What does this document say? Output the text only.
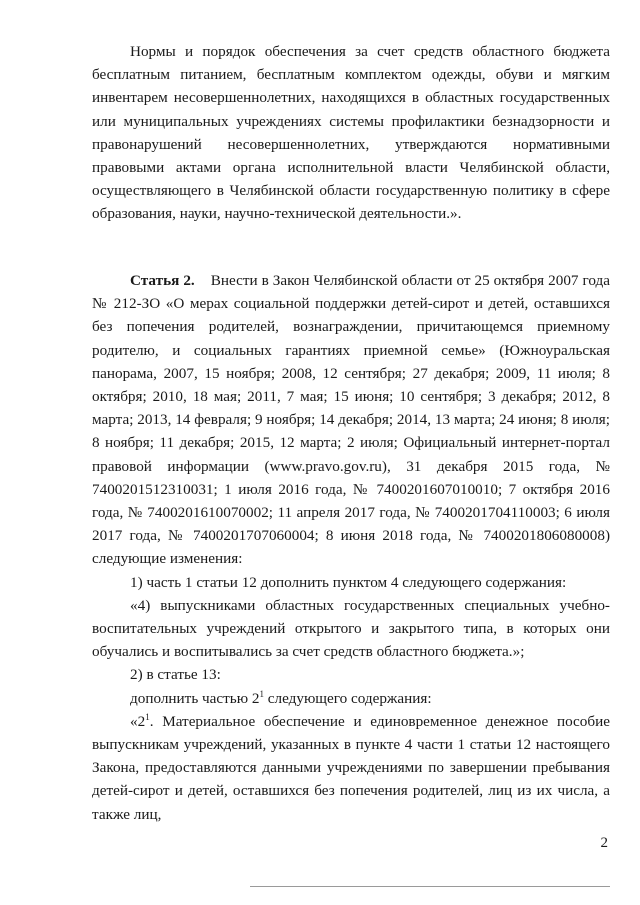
Нормы и порядок обеспечения за счет средств областного бюджета бесплатным питанием, бесплатным комплектом одежды, обуви и мягким инвентарем несовершеннолетних, находящихся в областных государственных или муниципальных учреждениях системы профилактики безнадзорности и правонарушений несовершеннолетних, утверждаются нормативными правовыми актами органа исполнительной власти Челябинской области, осуществляющего в Челябинской области государственную политику в сфере образования, науки, научно-технической деятельности.».

Статья 2. Внести в Закон Челябинской области от 25 октября 2007 года № 212-ЗО «О мерах социальной поддержки детей-сирот и детей, оставшихся без попечения родителей, вознаграждении, причитающемся приемному родителю, и социальных гарантиях приемной семье» (Южноуральская панорама, 2007, 15 ноября; 2008, 12 сентября; 27 декабря; 2009, 11 июля; 8 октября; 2010, 18 мая; 2011, 7 мая; 15 июня; 10 сентября; 3 декабря; 2012, 8 марта; 2013, 14 февраля; 9 ноября; 14 декабря; 2014, 13 марта; 24 июня; 8 июля; 8 ноября; 11 декабря; 2015, 12 марта; 2 июля; Официальный интернет-портал правовой информации (www.pravo.gov.ru), 31 декабря 2015 года, № 7400201512310031; 1 июля 2016 года, № 7400201607010010; 7 октября 2016 года, № 7400201610070002; 11 апреля 2017 года, № 7400201704110003; 6 июля 2017 года, № 7400201707060004; 8 июня 2018 года, № 7400201806080008) следующие изменения:

1) часть 1 статьи 12 дополнить пунктом 4 следующего содержания:

«4) выпускниками областных государственных специальных учебно-воспитательных учреждений открытого и закрытого типа, в которых они обучались и воспитывались за счет средств областного бюджета.»;

2) в статье 13:

дополнить частью $2^1$ следующего содержания:

«$2^1$. Материальное обеспечение и единовременное денежное пособие выпускникам учреждений, указанных в пункте 4 части 1 статьи 12 настоящего Закона, предоставляются данными учреждениями по завершении пребывания детей-сирот и детей, оставшихся без попечения родителей, лиц из их числа, а также лиц,

2
